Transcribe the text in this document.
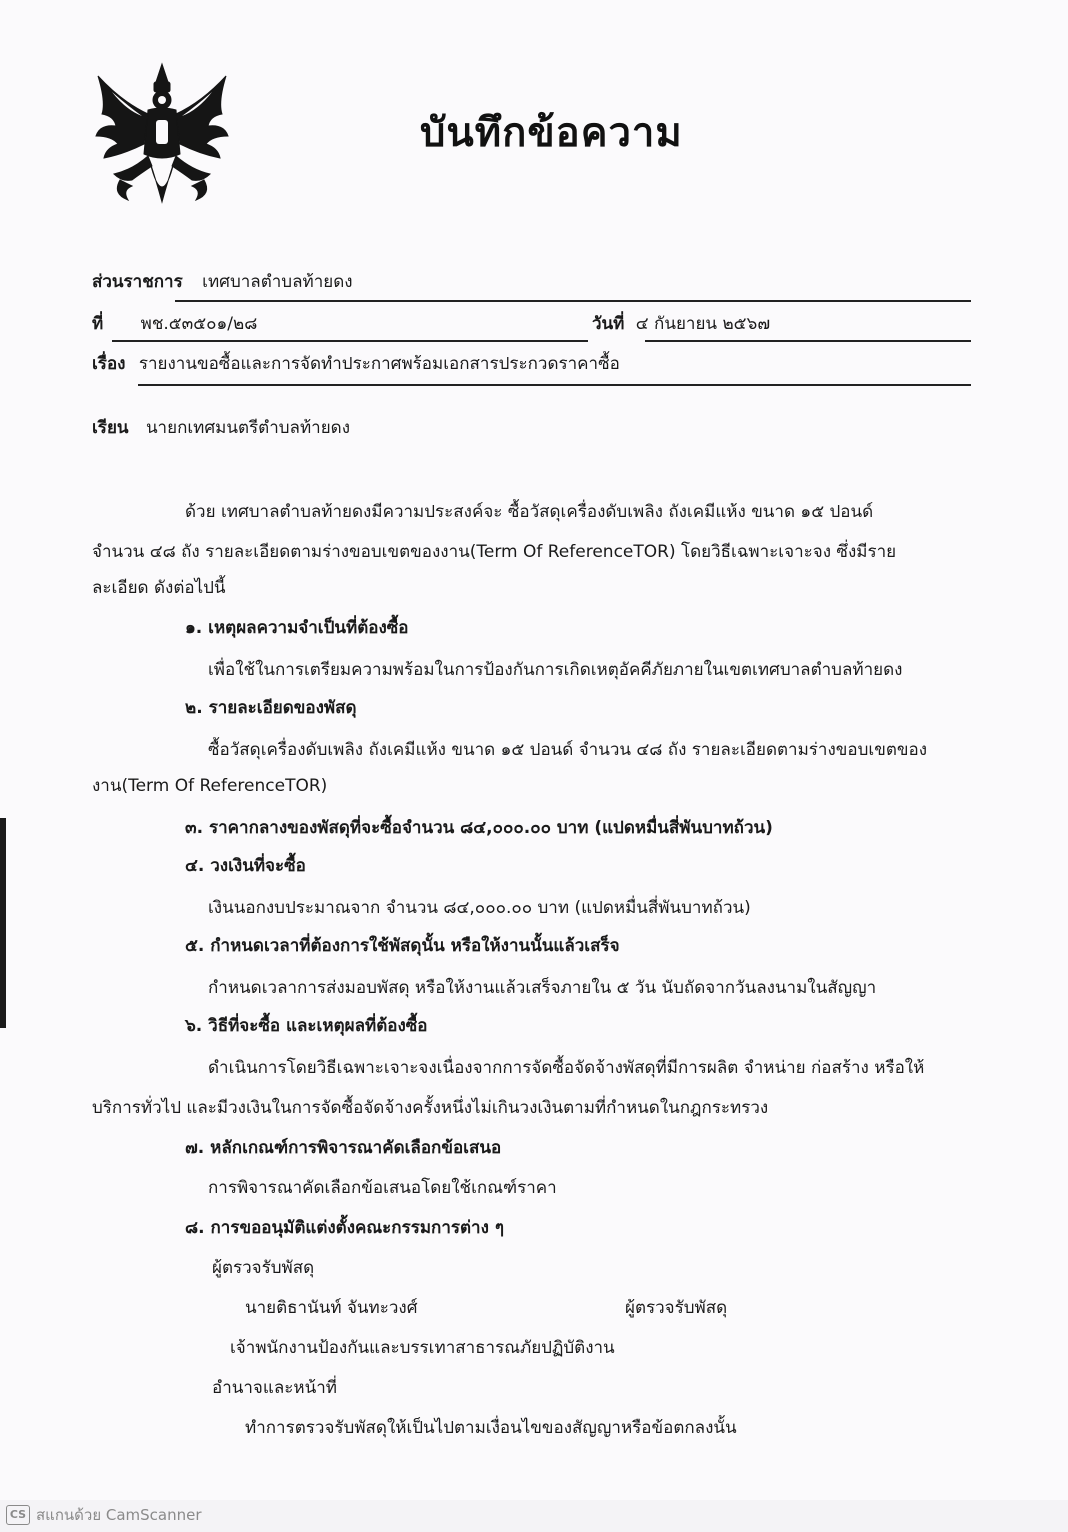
บันทึกข้อความ
ส่วนราชการ เทศบาลตำบลท้ายดง
ที่ พช.๕๓๕๐๑/๒๘	วันที่ ๔ กันยายน ๒๕๖๗
เรื่อง รายงานขอซื้อและการจัดทำประกาศพร้อมเอกสารประกวดราคาซื้อ
เรียน นายกเทศมนตรีตำบลท้ายดง
ด้วย เทศบาลตำบลท้ายดงมีความประสงค์จะ ซื้อวัสดุเครื่องดับเพลิง ถังเคมีแห้ง ขนาด ๑๕ ปอนด์
จำนวน ๔๘ ถัง รายละเอียดตามร่างขอบเขตของงาน(Term Of ReferenceTOR) โดยวิธีเฉพาะเจาะจง ซึ่งมีราย
ละเอียด ดังต่อไปนี้
๑. เหตุผลความจำเป็นที่ต้องซื้อ
เพื่อใช้ในการเตรียมความพร้อมในการป้องกันการเกิดเหตุอัคคีภัยภายในเขตเทศบาลตำบลท้ายดง
๒. รายละเอียดของพัสดุ
ซื้อวัสดุเครื่องดับเพลิง ถังเคมีแห้ง ขนาด ๑๕ ปอนด์ จำนวน ๔๘ ถัง รายละเอียดตามร่างขอบเขตของ
งาน(Term Of ReferenceTOR)
๓. ราคากลางของพัสดุที่จะซื้อจำนวน ๘๔,๐๐๐.๐๐ บาท (แปดหมื่นสี่พันบาทถ้วน)
๔. วงเงินที่จะซื้อ
เงินนอกงบประมาณจาก จำนวน ๘๔,๐๐๐.๐๐ บาท (แปดหมื่นสี่พันบาทถ้วน)
๕. กำหนดเวลาที่ต้องการใช้พัสดุนั้น หรือให้งานนั้นแล้วเสร็จ
กำหนดเวลาการส่งมอบพัสดุ หรือให้งานแล้วเสร็จภายใน ๕ วัน นับถัดจากวันลงนามในสัญญา
๖. วิธีที่จะซื้อ และเหตุผลที่ต้องซื้อ
ดำเนินการโดยวิธีเฉพาะเจาะจงเนื่องจากการจัดซื้อจัดจ้างพัสดุที่มีการผลิต จำหน่าย ก่อสร้าง หรือให้
บริการทั่วไป และมีวงเงินในการจัดซื้อจัดจ้างครั้งหนึ่งไม่เกินวงเงินตามที่กำหนดในกฎกระทรวง
๗. หลักเกณฑ์การพิจารณาคัดเลือกข้อเสนอ
การพิจารณาคัดเลือกข้อเสนอโดยใช้เกณฑ์ราคา
๘. การขออนุมัติแต่งตั้งคณะกรรมการต่าง ๆ
ผู้ตรวจรับพัสดุ
นายติธานันท์ จันทะวงศ์	ผู้ตรวจรับพัสดุ
เจ้าพนักงานป้องกันและบรรเทาสาธารณภัยปฏิบัติงาน
อำนาจและหน้าที่
ทำการตรวจรับพัสดุให้เป็นไปตามเงื่อนไขของสัญญาหรือข้อตกลงนั้น
CS สแกนด้วย CamScanner
